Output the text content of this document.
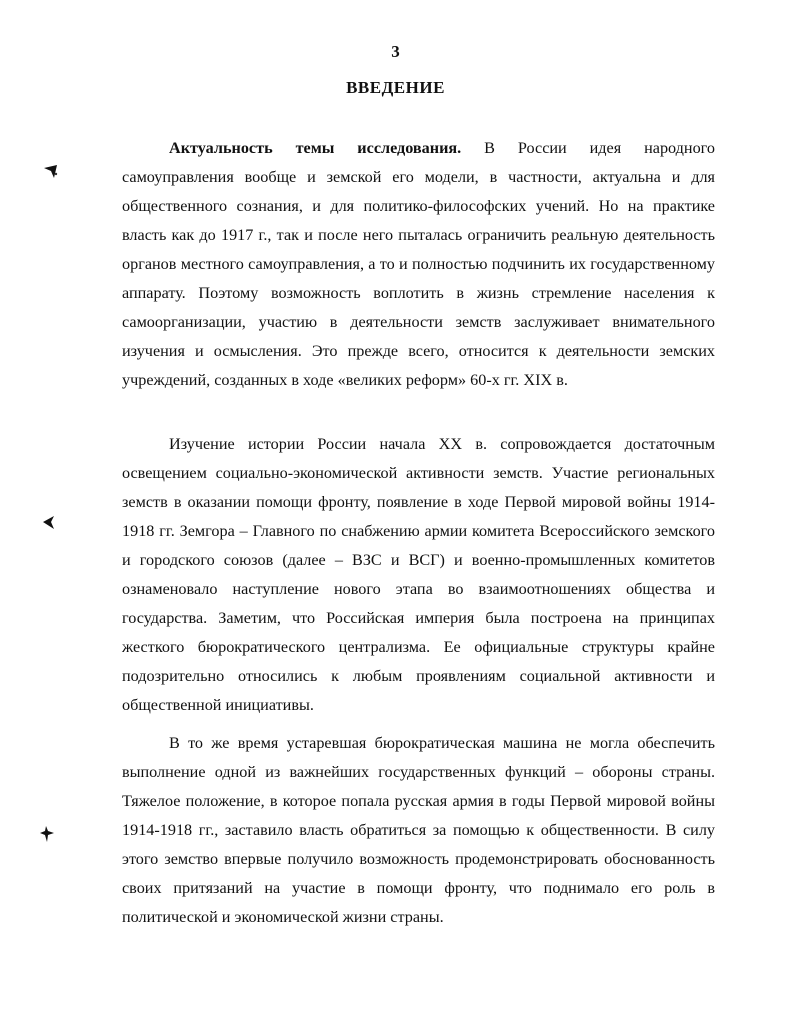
3
ВВЕДЕНИЕ

Актуальность темы исследования. В России идея народного самоуправления вообще и земской его модели, в частности, актуальна и для общественного сознания, и для политико-философских учений. Но на практике власть как до 1917 г., так и после него пыталась ограничить реальную деятельность органов местного самоуправления, а то и полностью подчинить их государственному аппарату. Поэтому возможность воплотить в жизнь стремление населения к самоорганизации, участию в деятельности земств заслуживает внимательного изучения и осмысления. Это прежде всего, относится к деятельности земских учреждений, созданных в ходе «великих реформ» 60-х гг. XIX в.

Изучение истории России начала XX в. сопровождается достаточным освещением социально-экономической активности земств. Участие региональных земств в оказании помощи фронту, появление в ходе Первой мировой войны 1914-1918 гг. Земгора – Главного по снабжению армии комитета Всероссийского земского и городского союзов (далее – ВЗС и ВСГ) и военно-промышленных комитетов ознаменовало наступление нового этапа во взаимоотношениях общества и государства. Заметим, что Российская империя была построена на принципах жесткого бюрократического централизма. Ее официальные структуры крайне подозрительно относились к любым проявлениям социальной активности и общественной инициативы.

В то же время устаревшая бюрократическая машина не могла обеспечить выполнение одной из важнейших государственных функций – обороны страны. Тяжелое положение, в которое попала русская армия в годы Первой мировой войны 1914-1918 гг., заставило власть обратиться за помощью к общественности. В силу этого земство впервые получило возможность продемонстрировать обоснованность своих притязаний на участие в помощи фронту, что поднимало его роль в политической и экономической жизни страны.
